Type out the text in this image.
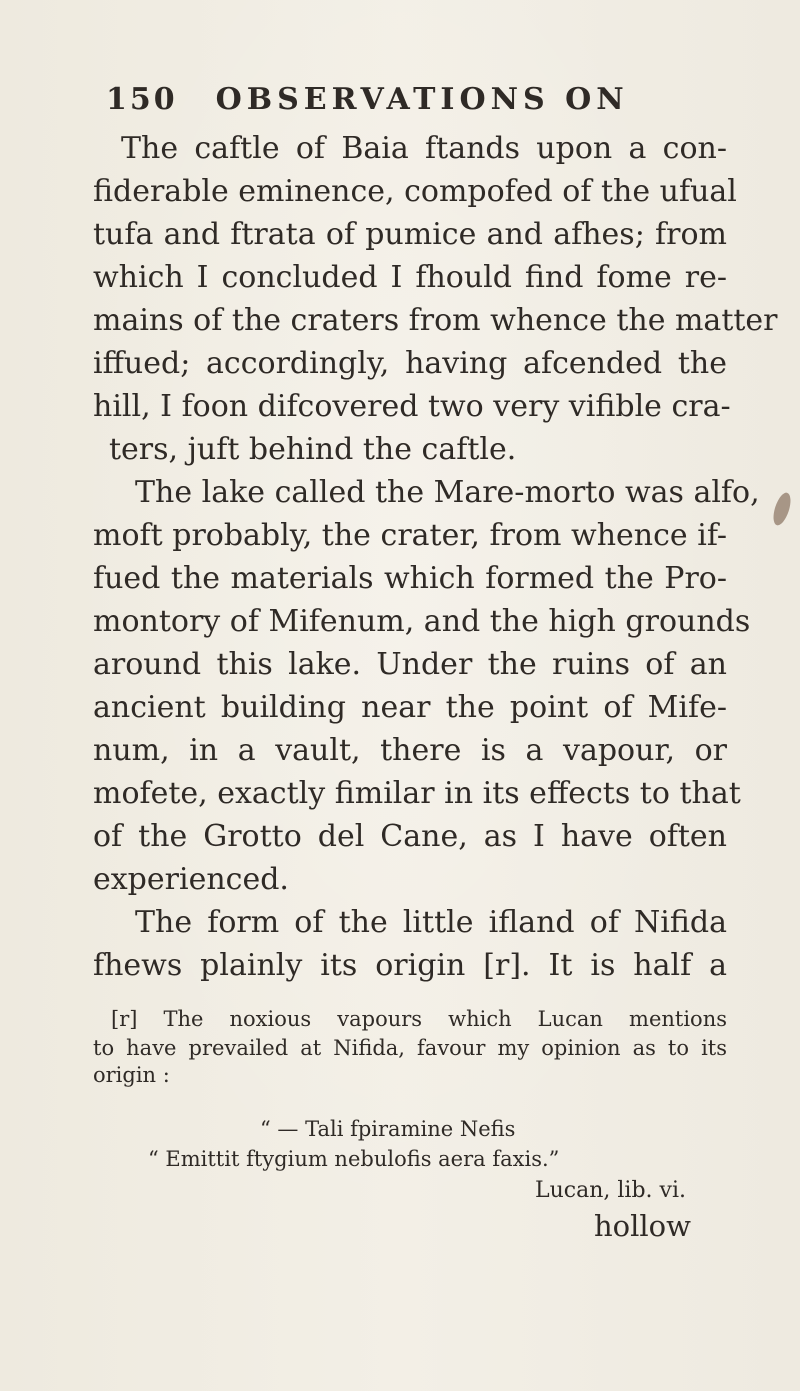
150 OBSERVATIONS ON
The caftle of Baia ftands upon a con-
fiderable eminence, compofed of the ufual
tufa and ftrata of pumice and afhes; from
which I concluded I fhould find fome re-
mains of the craters from whence the matter
iffued; accordingly, having afcended the
hill, I foon difcovered two very vifible cra-
ters, juft behind the caftle.
The lake called the Mare-morto was alfo,
moft probably, the crater, from whence if-
fued the materials which formed the Pro-
montory of Mifenum, and the high grounds
around this lake. Under the ruins of an
ancient building near the point of Mife-
num, in a vault, there is a vapour, or
mofete, exactly fimilar in its effects to that
of the Grotto del Cane, as I have often
experienced.
The form of the little ifland of Nifida
fhews plainly its origin [r]. It is half a
[r] The noxious vapours which Lucan mentions
to have prevailed at Nifida, favour my opinion as to its
origin :
“ — Tali fpiramine Nefis
“ Emittit ftygium nebulofis aera faxis.”
Lucan, lib. vi.
hollow
